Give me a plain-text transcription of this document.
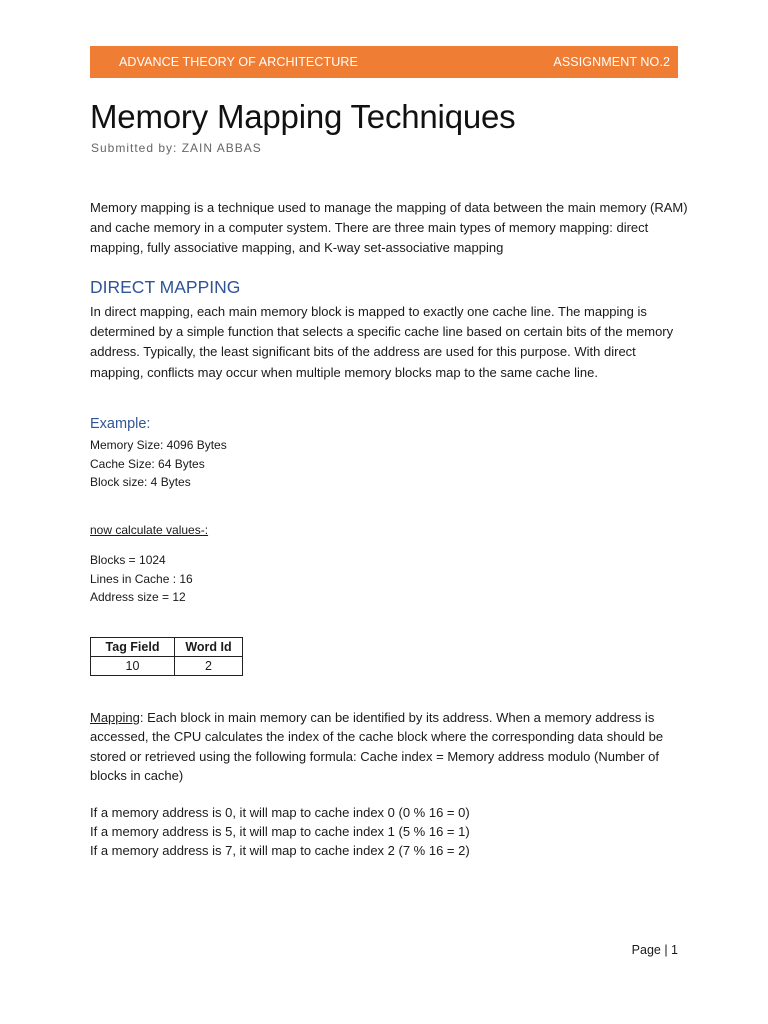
ADVANCE THEORY OF ARCHITECTURE	ASSIGNMENT NO.2
Memory Mapping Techniques
Submitted by: ZAIN ABBAS

Memory mapping is a technique used to manage the mapping of data between the main memory (RAM) and cache memory in a computer system. There are three main types of memory mapping: direct mapping, fully associative mapping, and K-way set-associative mapping

DIRECT MAPPING

In direct mapping, each main memory block is mapped to exactly one cache line. The mapping is determined by a simple function that selects a specific cache line based on certain bits of the memory address. Typically, the least significant bits of the address are used for this purpose. With direct mapping, conflicts may occur when multiple memory blocks map to the same cache line.

Example:
Memory Size: 4096 Bytes
Cache Size: 64 Bytes
Block size: 4 Bytes
now calculate values-:
Blocks = 1024
Lines in Cache : 16
Address size = 12
Tag Field	Word Id
10	2

Mapping: Each block in main memory can be identified by its address. When a memory address is accessed, the CPU calculates the index of the cache block where the corresponding data should be stored or retrieved using the following formula: Cache index = Memory address modulo (Number of blocks in cache)

If a memory address is 0, it will map to cache index 0 (0 % 16 = 0)
If a memory address is 5, it will map to cache index 1 (5 % 16 = 1)
If a memory address is 7, it will map to cache index 2 (7 % 16 = 2)
Page | 1
